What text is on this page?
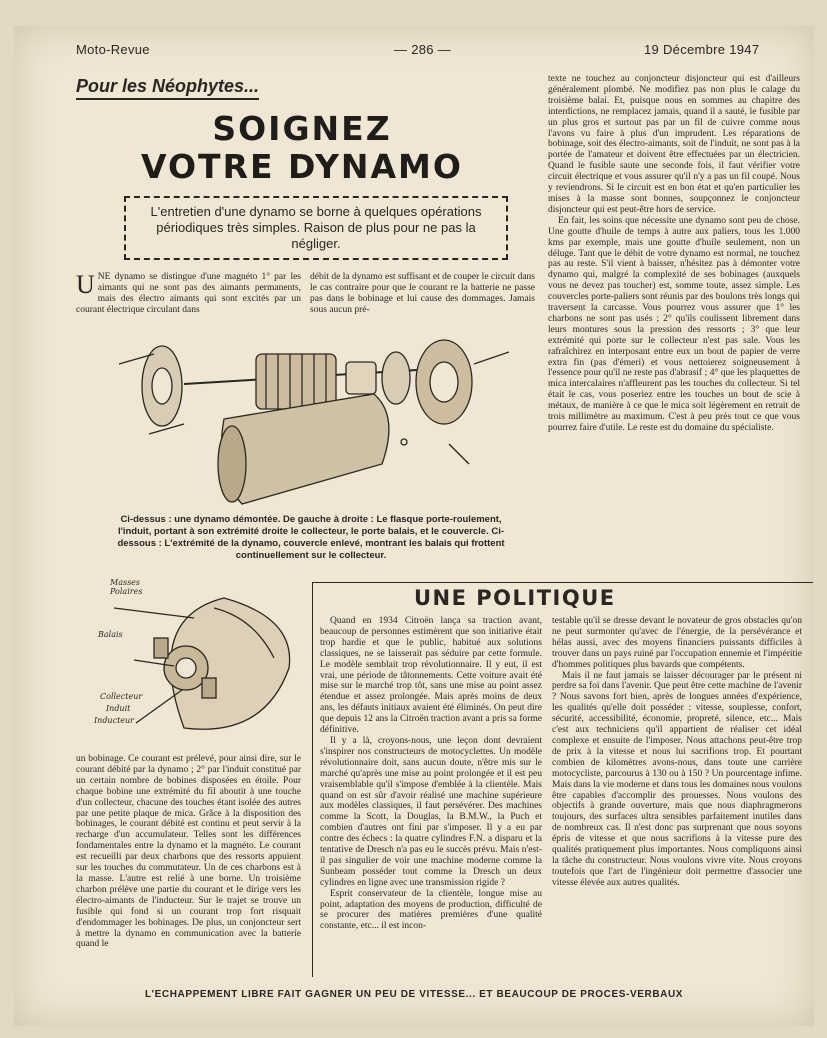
Moto-Revue	— 286 —	19 Décembre 1947
Pour les Néophytes...
SOIGNEZ
VOTRE DYNAMO
L'entretien d'une dynamo se borne à quelques opérations périodiques très simples. Raison de plus pour ne pas la négliger.
UNE dynamo se distingue d'une magnéto 1° par les aimants qui ne sont pas des aimants permanents, mais des électro aimants qui sont excités par un courant électrique circulant dans
débit de la dynamo est suffisant et de couper le circuit dans le cas contraire pour que le courant re la batterie ne passe pas dans le bobinage et lui cause des dommages. Jamais sous aucun pré-

texte ne touchez au conjoncteur disjoncteur qui est d'ailleurs généralement plombé. Ne modifiez pas non plus le calage du troisième balai. Et, puisque nous en sommes au chapitre des interdictions, ne remplacez jamais, quand il a sauté, le fusible par un plus gros et surtout pas par un fil de cuivre comme nous l'avons vu faire à plus d'un imprudent. Les réparations de bobinage, soit des électro-aimants, soit de l'induit, ne sont pas à la portée de l'amateur et doivent être effectuées par un électricien. Quand le fusible saute une seconde fois, il faut vérifier votre circuit électrique et vous assurer qu'il n'y a pas un fil coupé. Nous y reviendrons. Si le circuit est en bon état et qu'en particulier les mises à la masse sont bonnes, soupçonnez le conjoncteur disjoncteur qui est peut-être hors de service.

En fait, les soins que nécessite une dynamo sont peu de chose. Une goutte d'huile de temps à autre aux paliers, tous les 1.000 kms par exemple, mais une goutte d'huile seulement, non un déluge. Tant que le débit de votre dynamo est normal, ne touchez pas au reste. S'il vient à baisser, n'hésitez pas à démonter votre dynamo qui, malgré la complexité de ses bobinages (auxquels vous ne devez pas toucher) est, somme toute, assez simple. Les couvercles porte-paliers sont réunis par des boulons très longs qui traversent la carcasse. Vous pourrez vous assurer que 1° les charbons ne sont pas usés ; 2° qu'ils coulissent librement dans leurs montures sous la pression des ressorts ; 3° que leur extrémité qui porte sur le collecteur n'est pas sale. Vous les rafraîchirez en interposant entre eux un bout de papier de verre extra fin (pas d'émeri) et vous nettoierez soigneusement à l'essence pour qu'il ne reste pas d'abrasif ; 4° que les plaquettes de mica intercalaires n'affleurent pas les touches du collecteur. Si tel était le cas, vous poseriez entre les touches un bout de scie à métaux, de manière à ce que le mica soit légèrement en retrait de trois millimètre au maximum. C'est à peu près tout ce que vous pourrez faire d'utile. Le reste est du domaine du spécialiste.

Ci-dessus : une dynamo démontée. De gauche à droite : Le flasque porte-roulement, l'induit, portant à son extrémité droite le collecteur, le porte balais, et le couvercle. Ci-dessous : L'extrémité de la dynamo, couvercle enlevé, montrant les balais qui frottent continuellement sur le collecteur.
Masses Polaires
Balais
Collecteur
Induit
Inducteur
un bobinage. Ce courant est prélevé, pour ainsi dire, sur le courant débité par la dynamo ; 2° par l'induit constitué par un certain nombre de bobines disposées en étoile. Pour chaque bobine une extrémité du fil aboutit à une touche d'un collecteur, chacune des touches étant isolée des autres par une petite plaque de mica. Grâce à la disposition des bobinages, le courant débité est continu et peut servir à la recharge d'un accumulateur. Telles sont les différences fondamentales entre la dynamo et la magnéto. Le courant est recueilli par deux charbons que des ressorts appuient sur les touches du commutateur. Un de ces charbons est à la masse. L'autre est relié à une borne. Un troisième charbon prélève une partie du courant et le dirige vers les électro-aimants de l'inducteur. Sur le trajet se trouve un fusible qui fond si un courant trop fort risquait d'endommager les bobinages. De plus, un conjoncteur sert à mettre la dynamo en communication avec la batterie quand le
UNE POLITIQUE

Quand en 1934 Citroën lança sa traction avant, beaucoup de personnes estimèrent que son initiative était trop hardie et que le public, habitué aux solutions classiques, ne se laisserait pas séduire par cette formule. Le modèle semblait trop révolutionnaire. Il y eut, il est vrai, une période de tâtonnements. Cette voiture avait été mise sur le marché trop tôt, sans une mise au point assez étendue et assez prolongée. Mais après moins de deux ans, les défauts initiaux avaient été éliminés. On peut dire que depuis 12 ans la Citroën traction avant a pris sa forme définitive.

Il y a là, croyons-nous, une leçon dont devraient s'inspirer nos constructeurs de motocyclettes. Un modèle révolutionnaire doit, sans aucun doute, n'être mis sur le marché qu'après une mise au point prolongée et il est peu vraisemblable qu'il s'impose d'emblée à la clientèle. Mais quand on est sûr d'avoir réalisé une machine supérieure aux modèles classiques, il faut persévérer. Des machines comme la Scott, la Douglas, la B.M.W., la Puch et combien d'autres ont fini par s'imposer. Il y a eu par contre des échecs : la quatre cylindres F.N. a disparu et la tentative de Dresch n'a pas eu le succès prévu. Mais n'est-il pas singulier de voir une machine moderne comme la Sunbeam posséder tout comme la Dresch un deux cylindres en ligne avec une transmission rigide ?

Esprit conservateur de la clientèle, longue mise au point, adaptation des moyens de production, difficulté de se procurer des matières premières d'une qualité constante, etc... il est incon-

testable qu'il se dresse devant le novateur de gros obstacles qu'on ne peut surmonter qu'avec de l'énergie, de la persévérance et hélas aussi, avec des moyens financiers puissants difficiles à trouver dans un pays ruiné par l'occupation ennemie et l'impéritie d'hommes politiques plus bavards que compétents.

Mais il ne faut jamais se laisser décourager par le présent ni perdre sa foi dans l'avenir. Que peut être cette machine de l'avenir ? Nous savons fort bien, après de longues années d'expérience, les qualités qu'elle doit posséder : vitesse, souplesse, confort, sécurité, accessibilité, économie, propreté, silence, etc... Mais c'est aux techniciens qu'il appartient de réaliser cet idéal complexe et ensuite de l'imposer. Nous attachons peut-être trop de prix à la vitesse et nous lui sacrifions trop. Et pourtant combien de kilomètres avons-nous, dans toute une carrière motocycliste, parcourus à 130 ou à 150 ? Un pourcentage infime. Mais dans la vie moderne et dans tous les domaines nous voulons être capables d'accomplir des prouesses. Nous voulons des objectifs à grande ouverture, mais que nous diaphragmerons toujours, des surfaces ultra sensibles parfaitement inutiles dans de nombreux cas. Il n'est donc pas surprenant que nous soyons épris de vitesse et que nous sacrifions à la vitesse pure des qualités pratiquement plus importantes. Nous compliquons ainsi la tâche du constructeur. Nous voulons vivre vite. Nous croyons toutefois que l'art de l'ingénieur doit permettre d'associer une vitesse élevée aux autres qualités.

L'ECHAPPEMENT LIBRE FAIT GAGNER UN PEU DE VITESSE... ET BEAUCOUP DE PROCES-VERBAUX
